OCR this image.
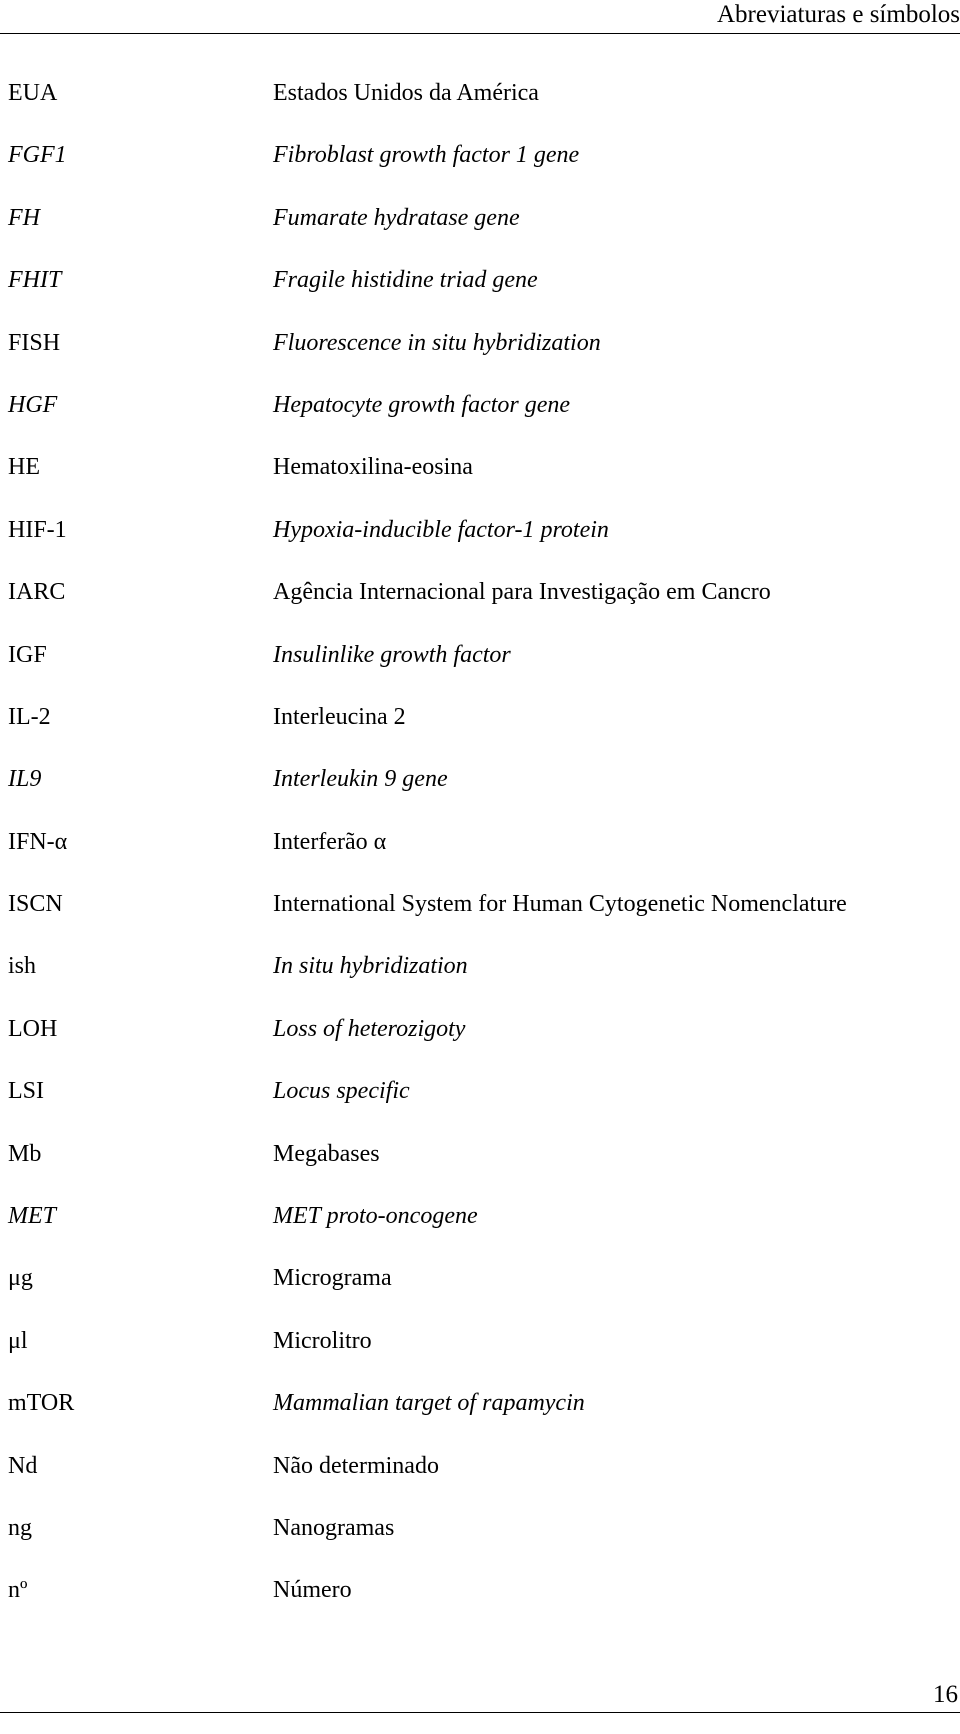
Abreviaturas e símbolos
EUA	Estados Unidos da América
FGF1	Fibroblast growth factor 1 gene
FH	Fumarate hydratase gene
FHIT	Fragile histidine triad gene
FISH	Fluorescence in situ hybridization
HGF	Hepatocyte growth factor gene
HE	Hematoxilina-eosina
HIF-1	Hypoxia-inducible factor-1 protein
IARC	Agência Internacional para Investigação em Cancro
IGF	Insulinlike growth factor
IL-2	Interleucina 2
IL9	Interleukin 9 gene
IFN-α	Interferão α
ISCN	International System for Human Cytogenetic Nomenclature
ish	In situ hybridization
LOH	Loss of heterozigoty
LSI	Locus specific
Mb	Megabases
MET	MET proto-oncogene
μg	Micrograma
μl	Microlitro
mTOR	Mammalian target of rapamycin
Nd	Não determinado
ng	Nanogramas
nº	Número
16
